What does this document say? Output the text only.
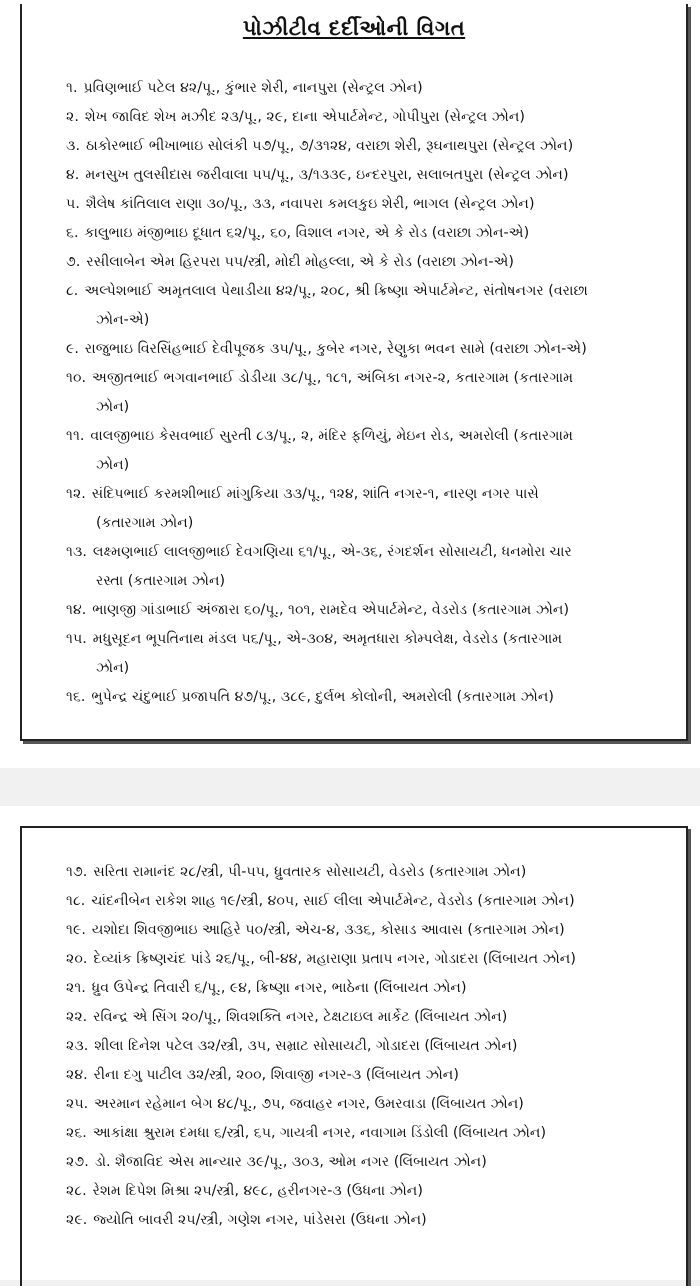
પોઝીટીવ દર્દીઓની વિગત
૧. પ્રવિણભાઈ પટેલ ૪૨/પૂ., કુંભાર શેરી, નાનપુરા (સેન્ટ્રલ ઝોન)
૨. શેખ જાવિદ શેખ મઝીદ ૨૩/પૂ., ૨૯, દાના એપાર્ટમેન્ટ, ગોપીપુરા (સેન્ટ્રલ ઝોન)
૩. ઠાકોરભાઈ ભીખાભાઇ સોલંકી ૫૭/પૂ., ૭/૩૧૨૪, વરાછા શેરી, રૂઘનાથપુરા (સેન્ટ્રલ ઝોન)
૪. મનસુખ તુલસીદાસ જરીવાલા ૫૫/પૂ., ૩/૧૩૩૯, ઇન્દરપુરા, સલાબતપુરા (સેન્ટ્રલ ઝોન)
૫. શૈલેષ કાંતિલાલ રાણા ૩૦/પૂ., ૩૩, નવાપરા કમલકુઇ શેરી, ભાગલ (સેન્ટ્રલ ઝોન)
૬. કાલુભાઇ મંજીભાઇ દૂધાત ૬૨/પૂ., ૬૦, વિશાલ નગર, એ કે રોડ (વરાછા ઝોન-એ)
૭. રસીલાબેન એમ હિરપરા ૫૫/સ્ત્રી, મોદી મોહલ્લા, એ કે રોડ (વરાછા ઝોન-એ)
૮. અલ્પેશભાઈ અમૃતલાલ પેથાડીયા ૪૨/પૂ., ૨૦૮, શ્રી ક્રિષ્ણા એપાર્ટમેન્ટ, સંતોષનગર (વરાછા
ઝોન-એ)
૯. રાજુભાઇ વિરસિંહભાઈ દેવીપૂજક ૩૫/પૂ., કુબેર નગર, રેણુકા ભવન સામે (વરાછા ઝોન-એ)
૧૦. અજીતભાઈ ભગવાનભાઈ ડોડીયા ૩૮/પૂ., ૧૮૧, અંબિકા નગર-૨, કતારગામ (કતારગામ
ઝોન)
૧૧. વાલજીભાઇ કેસવભાઈ સુરતી ૮૩/પૂ., ૨, મંદિર ફળિયું, મેઇન રોડ, અમરોલી (કતારગામ
ઝોન)
૧૨. સંદિપભાઈ કરમશીભાઈ માંગુકિયા ૩૩/પૂ., ૧૨૪, શાંતિ નગર-૧, નારણ નગર પાસે
(કતારગામ ઝોન)
૧૩. લક્ષ્મણભાઈ લાલજીભાઈ દેવગણિયા ૬૧/પૂ., એ-૩૬, રંગદર્શન સોસાયટી, ધનમોરા ચાર
રસ્તા (કતારગામ ઝોન)
૧૪. ભાણજી ગાંડાભાઈ અંજારા ૬૦/પૂ., ૧૦૧, રામદેવ એપાર્ટમેન્ટ, વેડરોડ (કતારગામ ઝોન)
૧૫. મધુસૂદન ભૂપતિનાથ મંડલ ૫૬/પૂ., એ-૩૦૪, અમૃતધારા કોમ્પલેક્ષ, વેડરોડ (કતારગામ
ઝોન)
૧૬. ભુપેન્દ્ર ચંદુભાઈ પ્રજાપતિ ૪૭/પૂ., ૩૮૯, દુર્લભ કોલોની, અમરોલી (કતારગામ ઝોન)
૧૭. સરિતા રામાનંદ ૨૮/સ્ત્રી, પી-૫૫, ધ્રુવતારક સોસાયટી, વેડરોડ (કતારગામ ઝોન)
૧૮. ચાંદનીબેન રાકેશ શાહ ૧૯/સ્ત્રી, ૪૦૫, સાઈ લીલા એપાર્ટમેન્ટ, વેડરોડ (કતારગામ ઝોન)
૧૯. યશોદા શિવજીભાઇ આહિરે ૫૦/સ્ત્રી, એચ-૪, ૩૩૬, કોસાડ આવાસ (કતારગામ ઝોન)
૨૦. દેવ્યાંક ક્રિષ્ણચંદ પાંડે ૨૬/પૂ., બી-૪૪, મહારાણા પ્રતાપ નગર, ગોડાદરા (લિંબાયત ઝોન)
૨૧. ધ્રુવ ઉપેન્દ્ર તિવારી ૬/પૂ., ૯૪, ક્રિષ્ણા નગર, ભાઠેના (લિંબાયત ઝોન)
૨૨. રવિન્દ્ર એ સિંગ ૨૦/પૂ., શિવશક્તિ નગર, ટેક્ષટાઇલ માર્કેટ (લિંબાયત ઝોન)
૨૩. શીલા દિનેશ પટેલ ૩૨/સ્ત્રી, ૩૫, સમ્રાટ સોસાયટી, ગોડાદરા (લિંબાયત ઝોન)
૨૪. રીના દગુ પાટીલ ૩૨/સ્ત્રી, ૨૦૦, શિવાજી નગર-૩ (લિંબાયત ઝોન)
૨૫. અરમાન રહેમાન બેગ ૪૮/પૂ., ૭૫, જવાહર નગર, ઉમરવાડા (લિંબાયત ઝોન)
૨૬. આકાંક્ષા શ્રુરામ દમધા ૬/સ્ત્રી, ૬૫, ગાયત્રી નગર, નવાગામ ડિંડોલી (લિંબાયત ઝોન)
૨૭. ડો. શૈજાવિદ એસ માન્યાર ૩૯/પૂ., ૩૦૩, ઓમ નગર (લિંબાયત ઝોન)
૨૮. રેશમ દિપેશ મિશ્રા ૨૫/સ્ત્રી, ૪૯૮, હરીનગર-૩ (ઉધના ઝોન)
૨૯. જ્યોતિ બાવરી ૨૫/સ્ત્રી, ગણેશ નગર, પાંડેસરા (ઉધના ઝોન)
